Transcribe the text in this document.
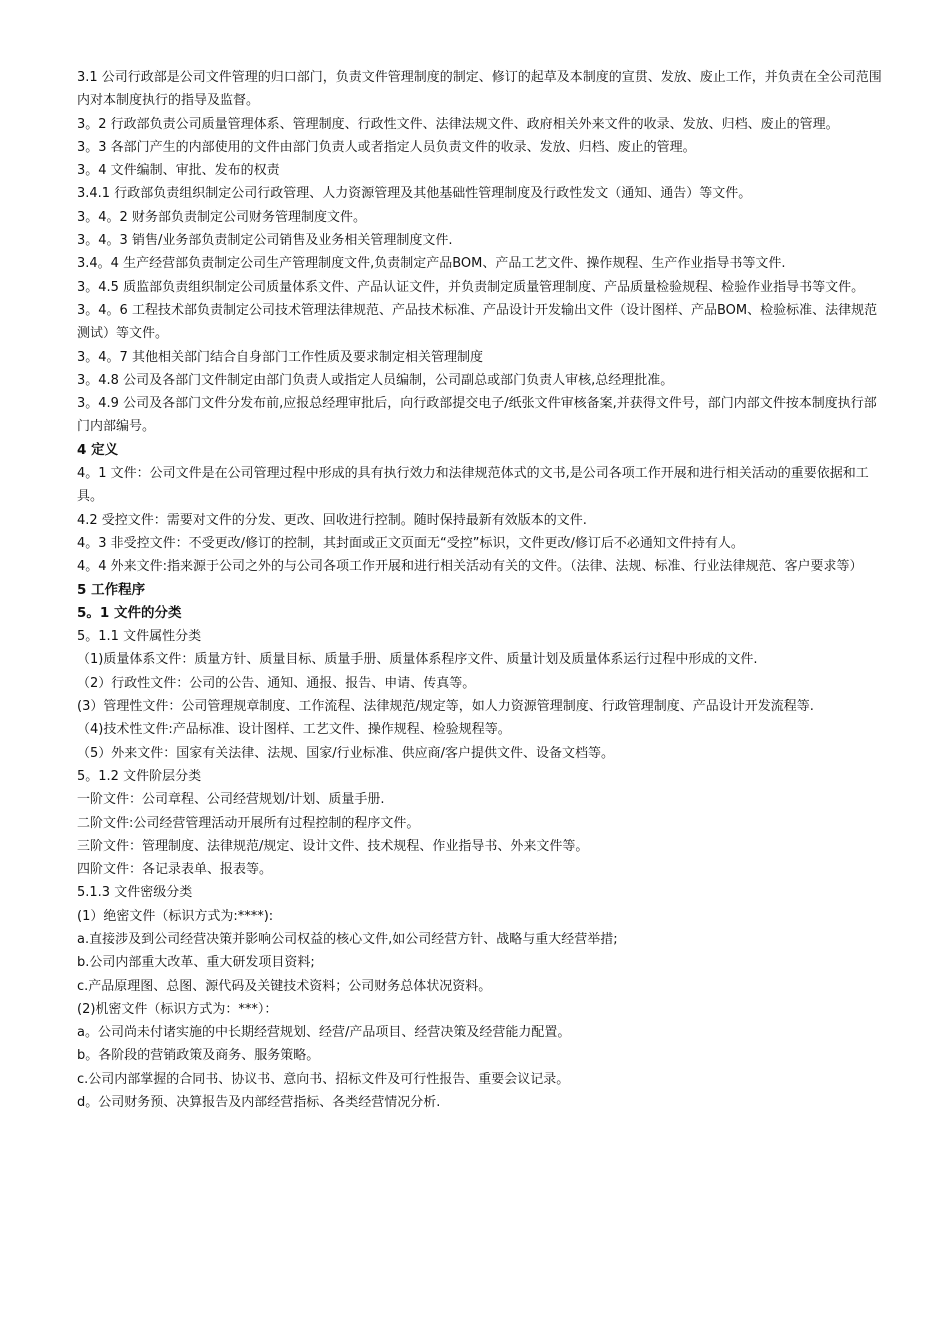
3.1 公司行政部是公司文件管理的归口部门，负责文件管理制度的制定、修订的起草及本制度的宣贯、发放、废止工作，并负责在全公司范围内对本制度执行的指导及监督。

3。2 行政部负责公司质量管理体系、管理制度、行政性文件、法律法规文件、政府相关外来文件的收录、发放、归档、废止的管理。

3。3 各部门产生的内部使用的文件由部门负责人或者指定人员负责文件的收录、发放、归档、废止的管理。

3。4 文件编制、审批、发布的权责

3.4.1 行政部负责组织制定公司行政管理、人力资源管理及其他基础性管理制度及行政性发文（通知、通告）等文件。

3。4。2 财务部负责制定公司财务管理制度文件。

3。4。3 销售/业务部负责制定公司销售及业务相关管理制度文件.

3.4。4 生产经营部负责制定公司生产管理制度文件,负责制定产品BOM、产品工艺文件、操作规程、生产作业指导书等文件.

3。4.5 质监部负责组织制定公司质量体系文件、产品认证文件，并负责制定质量管理制度、产品质量检验规程、检验作业指导书等文件。

3。4。6 工程技术部负责制定公司技术管理法律规范、产品技术标准、产品设计开发输出文件（设计图样、产品BOM、检验标准、法律规范测试）等文件。

3。4。7 其他相关部门结合自身部门工作性质及要求制定相关管理制度

3。4.8 公司及各部门文件制定由部门负责人或指定人员编制，公司副总或部门负责人审核,总经理批准。

3。4.9 公司及各部门文件分发布前,应报总经理审批后，向行政部提交电子/纸张文件审核备案,并获得文件号，部门内部文件按本制度执行部门内部编号。

4 定义

4。1 文件：公司文件是在公司管理过程中形成的具有执行效力和法律规范体式的文书,是公司各项工作开展和进行相关活动的重要依据和工具。

4.2 受控文件：需要对文件的分发、更改、回收进行控制。随时保持最新有效版本的文件.

4。3 非受控文件：不受更改/修订的控制，其封面或正文页面无“受控”标识，文件更改/修订后不必通知文件持有人。

4。4 外来文件:指来源于公司之外的与公司各项工作开展和进行相关活动有关的文件。（法律、法规、标准、行业法律规范、客户要求等）

5 工作程序

5。1 文件的分类

5。1.1 文件属性分类

（1)质量体系文件：质量方针、质量目标、质量手册、质量体系程序文件、质量计划及质量体系运行过程中形成的文件.

（2）行政性文件：公司的公告、通知、通报、报告、申请、传真等。

(3）管理性文件：公司管理规章制度、工作流程、法律规范/规定等，如人力资源管理制度、行政管理制度、产品设计开发流程等.

（4)技术性文件:产品标准、设计图样、工艺文件、操作规程、检验规程等。

（5）外来文件：国家有关法律、法规、国家/行业标准、供应商/客户提供文件、设备文档等。

5。1.2 文件阶层分类

一阶文件：公司章程、公司经营规划/计划、质量手册.

二阶文件:公司经营管理活动开展所有过程控制的程序文件。

三阶文件：管理制度、法律规范/规定、设计文件、技术规程、作业指导书、外来文件等。

四阶文件：各记录表单、报表等。

5.1.3 文件密级分类

(1）绝密文件（标识方式为:****):

a.直接涉及到公司经营决策并影响公司权益的核心文件,如公司经营方针、战略与重大经营举措;

b.公司内部重大改革、重大研发项目资料;

c.产品原理图、总图、源代码及关键技术资料；公司财务总体状况资料。

(2)机密文件（标识方式为：***）：

a。公司尚未付诸实施的中长期经营规划、经营/产品项目、经营决策及经营能力配置。

b。各阶段的营销政策及商务、服务策略。

c.公司内部掌握的合同书、协议书、意向书、招标文件及可行性报告、重要会议记录。

d。公司财务预、决算报告及内部经营指标、各类经营情况分析.
